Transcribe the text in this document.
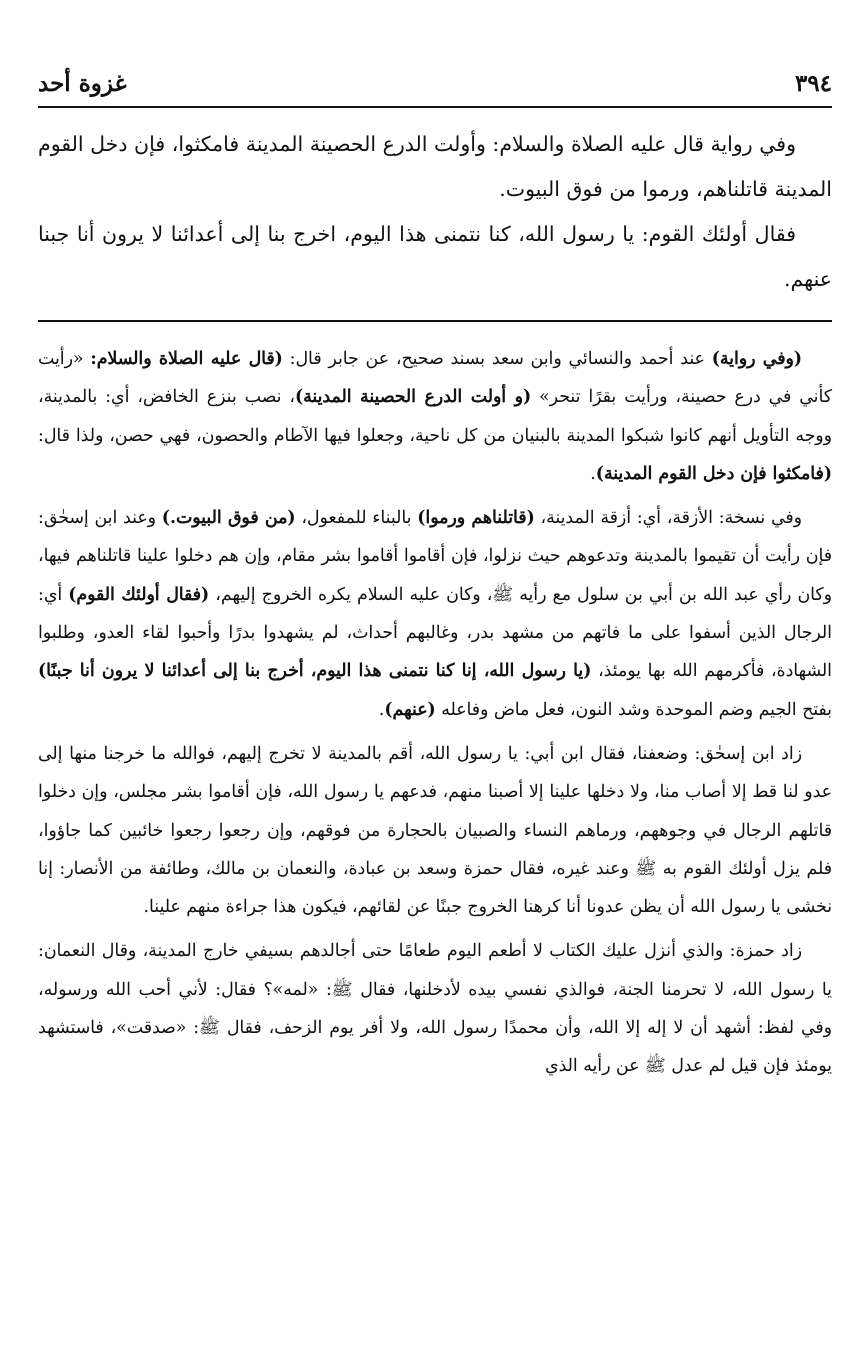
٣٩٤
غزوة أحد

وفي رواية قال عليه الصلاة والسلام: وأولت الدرع الحصينة المدينة فامكثوا، فإن دخل القوم المدينة قاتلناهم، ورموا من فوق البيوت.

فقال أولئك القوم: يا رسول الله، كنا نتمنى هذا اليوم، اخرج بنا إلى أعدائنا لا يرون أنا جبنا عنهم.

(وفي رواية) عند أحمد والنسائي وابن سعد بسند صحيح، عن جابر قال: (قال عليه الصلاة والسلام: «رأيت كأني في درع حصينة، ورأيت بقرًا تنحر» (و أولت الدرع الحصينة المدينة)، نصب بنزع الخافض، أي: بالمدينة، ووجه التأويل أنهم كانوا شبكوا المدينة بالبنيان من كل ناحية، وجعلوا فيها الآطام والحصون، فهي حصن، ولذا قال: (فامكثوا فإن دخل القوم المدينة).

وفي نسخة: الأزقة، أي: أزقة المدينة، (قاتلناهم ورموا) بالبناء للمفعول، (من فوق البيوت.) وعند ابن إسحٰق: فإن رأيت أن تقيموا بالمدينة وتدعوهم حيث نزلوا، فإن أقاموا أقاموا بشر مقام، وإن هم دخلوا علينا قاتلناهم فيها، وكان رأي عبد الله بن أبي بن سلول مع رأيه ﷺ، وكان عليه السلام يكره الخروج إليهم، (فقال أولئك القوم) أي: الرجال الذين أسفوا على ما فاتهم من مشهد بدر، وغالبهم أحداث، لم يشهدوا بدرًا وأحبوا لقاء العدو، وطلبوا الشهادة، فأكرمهم الله بها يومئذ، (يا رسول الله، إنا كنا نتمنى هذا اليوم، أخرج بنا إلى أعدائنا لا يرون أنا جبنًا) بفتح الجيم وضم الموحدة وشد النون، فعل ماض وفاعله (عنهم).

زاد ابن إسحٰق: وضعفنا، فقال ابن أبي: يا رسول الله، أقم بالمدينة لا تخرج إليهم، فوالله ما خرجنا منها إلى عدو لنا قط إلا أصاب منا، ولا دخلها علينا إلا أصبنا منهم، فدعهم يا رسول الله، فإن أقاموا بشر مجلس، وإن دخلوا قاتلهم الرجال في وجوههم، ورماهم النساء والصبيان بالحجارة من فوقهم، وإن رجعوا رجعوا خائبين كما جاؤوا، فلم يزل أولئك القوم به ﷺ وعند غيره، فقال حمزة وسعد بن عبادة، والنعمان بن مالك، وطائفة من الأنصار: إنا نخشى يا رسول الله أن يظن عدونا أنا كرهنا الخروج جبنًا عن لقائهم، فيكون هذا جراءة منهم علينا.

زاد حمزة: والذي أنزل عليك الكتاب لا أطعم اليوم طعامًا حتى أجالدهم بسيفي خارج المدينة، وقال النعمان: يا رسول الله، لا تحرمنا الجنة، فوالذي نفسي بيده لأدخلنها، فقال ﷺ: «لمه»؟ فقال: لأني أحب الله ورسوله، وفي لفظ: أشهد أن لا إله إلا الله، وأن محمدًا رسول الله، ولا أفر يوم الزحف، فقال ﷺ: «صدقت»، فاستشهد يومئذ فإن قيل لم عدل ﷺ عن رأيه الذي
